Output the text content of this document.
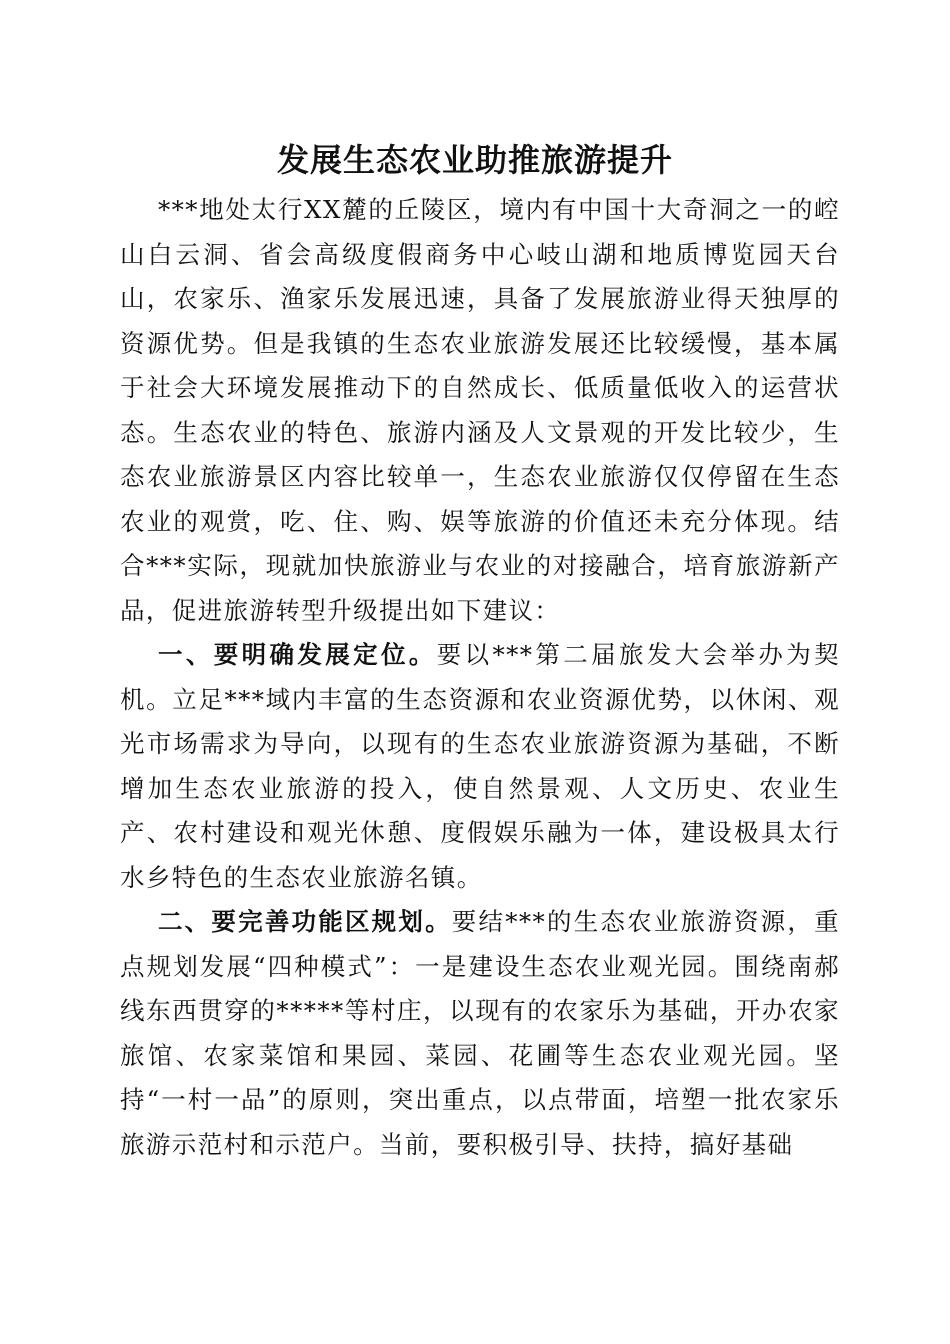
发展生态农业助推旅游提升

***地处太行XX麓的丘陵区，境内有中国十大奇洞之一的崆山白云洞、省会高级度假商务中心岐山湖和地质博览园天台山，农家乐、渔家乐发展迅速，具备了发展旅游业得天独厚的资源优势。但是我镇的生态农业旅游发展还比较缓慢，基本属于社会大环境发展推动下的自然成长、低质量低收入的运营状态。生态农业的特色、旅游内涵及人文景观的开发比较少，生态农业旅游景区内容比较单一，生态农业旅游仅仅停留在生态农业的观赏，吃、住、购、娱等旅游的价值还未充分体现。结合***实际，现就加快旅游业与农业的对接融合，培育旅游新产品，促进旅游转型升级提出如下建议：

一、要明确发展定位。要以***第二届旅发大会举办为契机。立足***域内丰富的生态资源和农业资源优势，以休闲、观光市场需求为导向，以现有的生态农业旅游资源为基础，不断增加生态农业旅游的投入，使自然景观、人文历史、农业生产、农村建设和观光休憩、度假娱乐融为一体，建设极具太行水乡特色的生态农业旅游名镇。

二、要完善功能区规划。要结***的生态农业旅游资源，重点规划发展“四种模式”：一是建设生态农业观光园。围绕南郝线东西贯穿的*****等村庄，以现有的农家乐为基础，开办农家旅馆、农家菜馆和果园、菜园、花圃等生态农业观光园。坚持“一村一品”的原则，突出重点，以点带面，培塑一批农家乐旅游示范村和示范户。当前，要积极引导、扶持，搞好基础
